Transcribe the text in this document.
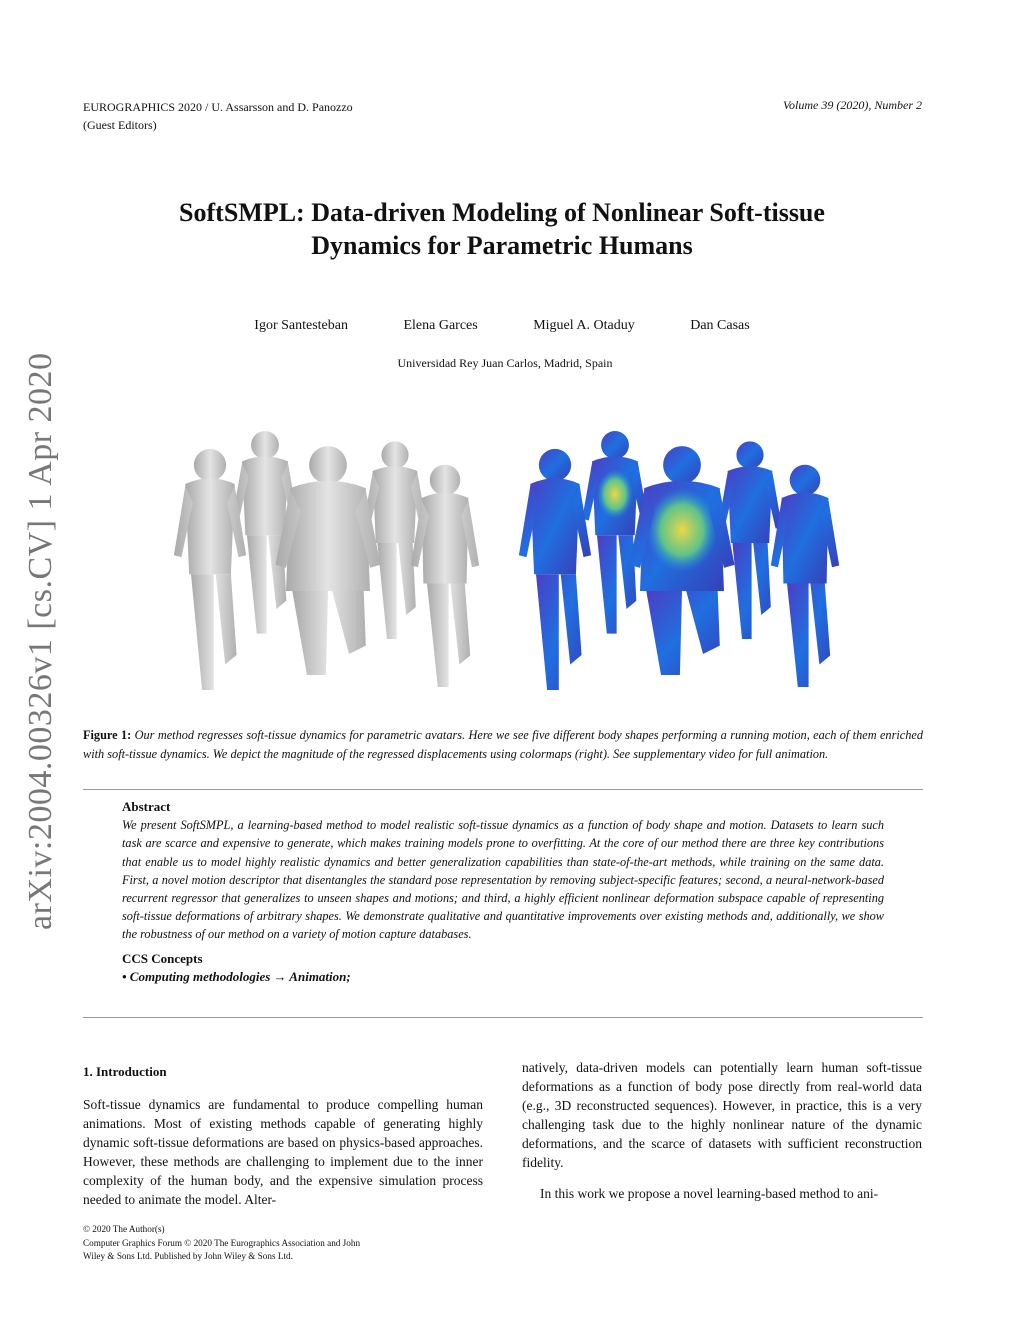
EUROGRAPHICS 2020 / U. Assarsson and D. Panozzo
(Guest Editors)
Volume 39 (2020), Number 2
SoftSMPL: Data-driven Modeling of Nonlinear Soft-tissue
Dynamics for Parametric Humans
Igor Santesteban	Elena Garces	Miguel A. Otaduy	Dan Casas
Universidad Rey Juan Carlos, Madrid, Spain
arXiv:2004.00326v1 [cs.CV] 1 Apr 2020 Figure 1: Our method regresses soft-tissue dynamics for parametric avatars. Here we see five different body shapes performing a running motion, each of them enriched with soft-tissue dynamics. We depict the magnitude of the regressed displacements using colormaps (right). See supplementary video for full animation.
Abstract

We present SoftSMPL, a learning-based method to model realistic soft-tissue dynamics as a function of body shape and motion. Datasets to learn such task are scarce and expensive to generate, which makes training models prone to overfitting. At the core of our method there are three key contributions that enable us to model highly realistic dynamics and better generalization capabilities than state-of-the-art methods, while training on the same data. First, a novel motion descriptor that disentangles the standard pose representation by removing subject-specific features; second, a neural-network-based recurrent regressor that generalizes to unseen shapes and motions; and third, a highly efficient nonlinear deformation subspace capable of representing soft-tissue deformations of arbitrary shapes. We demonstrate qualitative and quantitative improvements over existing methods and, additionally, we show the robustness of our method on a variety of motion capture databases.

CCS Concepts
• Computing methodologies → Animation;
1. Introduction

Soft-tissue dynamics are fundamental to produce compelling human animations. Most of existing methods capable of generating highly dynamic soft-tissue deformations are based on physics-based approaches. However, these methods are challenging to implement due to the inner complexity of the human body, and the expensive simulation process needed to animate the model. Alter-

natively, data-driven models can potentially learn human soft-tissue deformations as a function of body pose directly from real-world data (e.g., 3D reconstructed sequences). However, in practice, this is a very challenging task due to the highly nonlinear nature of the dynamic deformations, and the scarce of datasets with sufficient reconstruction fidelity.

In this work we propose a novel learning-based method to ani-

© 2020 The Author(s)
Computer Graphics Forum © 2020 The Eurographics Association and John
Wiley & Sons Ltd. Published by John Wiley & Sons Ltd.
